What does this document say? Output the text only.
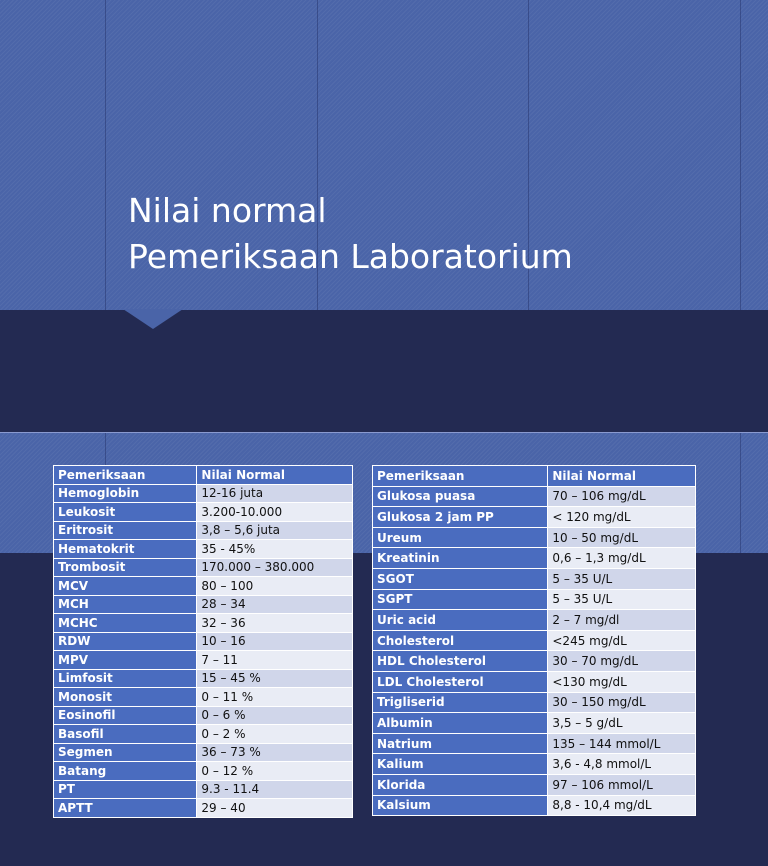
Nilai normal
Pemeriksaan Laboratorium
Pemeriksaan	Nilai Normal
Hemoglobin	12-16 juta
Leukosit	3.200-10.000
Eritrosit	3,8 – 5,6 juta
Hematokrit	35 - 45%
Trombosit	170.000 – 380.000
MCV	80 – 100
MCH	28 – 34
MCHC	32 – 36
RDW	10 – 16
MPV	7 – 11
Limfosit	15 – 45 %
Monosit	0 – 11 %
Eosinofil	0 – 6 %
Basofil	0 – 2 %
Segmen	36 – 73 %
Batang	0 – 12 %
PT	9.3 - 11.4
APTT	29 – 40
Pemeriksaan	Nilai Normal
Glukosa puasa	70 – 106 mg/dL
Glukosa 2 jam PP	< 120 mg/dL
Ureum	10 – 50 mg/dL
Kreatinin	0,6 – 1,3 mg/dL
SGOT	5 – 35 U/L
SGPT	5 – 35 U/L
Uric acid	2 – 7 mg/dl
Cholesterol	<245 mg/dL
HDL Cholesterol	30 – 70 mg/dL
LDL Cholesterol	<130 mg/dL
Trigliserid	30 – 150 mg/dL
Albumin	3,5 – 5 g/dL
Natrium	135 – 144 mmol/L
Kalium	3,6 - 4,8 mmol/L
Klorida	97 – 106 mmol/L
Kalsium	8,8 - 10,4 mg/dL
